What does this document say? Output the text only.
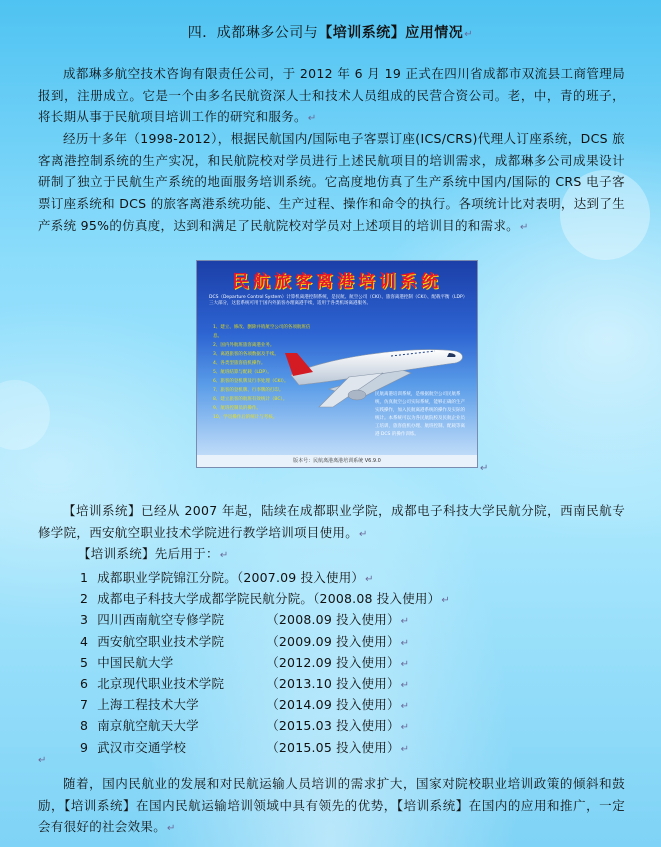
四．成都琳多公司与【培训系统】应用情况↵

成都琳多航空技术咨询有限责任公司，于 2012 年 6 月 19 正式在四川省成都市双流县工商管理局报到，注册成立。它是一个由多名民航资深人士和技术人员组成的民营合资公司。老，中，青的班子，将长期从事于民航项目培训工作的研究和服务。↵

经历十多年（1998-2012），根据民航国内/国际电子客票订座(ICS/CRS)代理人订座系统，DCS 旅客离港控制系统的生产实况，和民航院校对学员进行上述民航项目的培训需求，成都琳多公司成果设计研制了独立于民航生产系统的地面服务培训系统。它高度地仿真了生产系统中国内/国际的 CRS 电子客票订座系统和 DCS 的旅客离港系统功能、生产过程、操作和命令的执行。各项统计比对表明，达到了生产系统 95%的仿真度，达到和满足了民航院校对学员对上述项目的培训目的和需求。↵

民航旅客离港培训系统
DCS（Departure Control System）计算机离港控制系统，是民航、航空公司（CKI）、旅客离港控制（CKI）、配载平衡（LDP）三大部分，这套系统可用于国内外旅客办理离港手续，适用于各类机场离港服务。
1、建立、修改、删除并销航空公司的各项航班信息。
2、国内外航班旅客离港业务。
3、离港旅客的各项数据及手续。
4、各类型旅客值机操作。
5、航班结算与配载（LDP）。
6、旅客的登机牌及行李处理（CKI）。
7、旅客的登机牌、行李牌的打印。
8、建立旅客的航班有效统计（BC）。
9、航班控制员的操作。
10、学员操作后的统计与考核。
民航离港培训系统，是根据航空公司民航系统，仿真航空公司实际系统，能够正确的生产实践操作，加入民航离港系统的操作及实际的统计。本系统可以为各民航院校及民航企业员工培训，旅客值机办理、航班控制、配载等离港 DCS 的操作训练。
版本号：民航离港离港培训系统 V6.9.0
↵

【培训系统】已经从 2007 年起，陆续在成都职业学院，成都电子科技大学民航分院，西南民航专修学院，西安航空职业技术学院进行教学培训项目使用。↵

【培训系统】先后用于：↵

1 成都职业学院锦江分院。（2007.09 投入使用）↵
2 成都电子科技大学成都学院民航分院。（2008.08 投入使用）↵
3 四川西南航空专修学院	（2008.09 投入使用）↵
4 西安航空职业技术学院	（2009.09 投入使用）↵
5 中国民航大学	（2012.09 投入使用）↵
6 北京现代职业技术学院	（2013.10 投入使用）↵
7 上海工程技术大学	（2014.09 投入使用）↵
8 南京航空航天大学	（2015.03 投入使用）↵
9 武汉市交通学校	（2015.05 投入使用）↵
↵

随着，国内民航业的发展和对民航运输人员培训的需求扩大，国家对院校职业培训政策的倾斜和鼓励，【培训系统】在国内民航运输培训领域中具有领先的优势，【培训系统】在国内的应用和推广，一定会有很好的社会效果。↵
